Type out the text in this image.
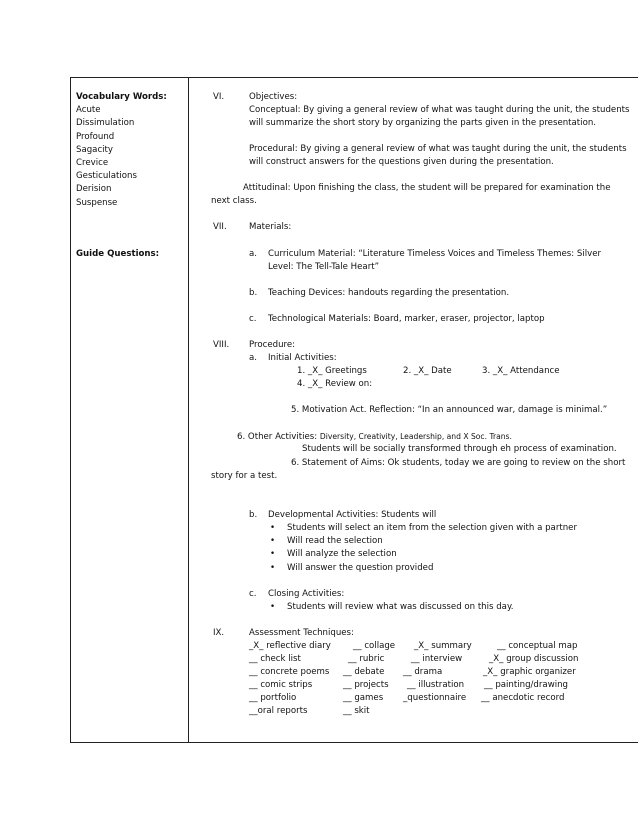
Vocabulary Words:
Acute
Dissimulation
Profound
Sagacity
Crevice
Gesticulations
Derision
Suspense
Guide Questions:
VI.	Objectives:
Conceptual: By giving a general review of what was taught during the unit, the students
will summarize the short story by organizing the parts given in the presentation.
Procedural: By giving a general review of what was taught during the unit, the students
will construct answers for the questions given during the presentation.
Attitudinal: Upon finishing the class, the student will be prepared for examination the
next class.
VII.	Materials:
a. Curriculum Material: “Literature Timeless Voices and Timeless Themes: Silver
Level: The Tell-Tale Heart”
b. Teaching Devices: handouts regarding the presentation.
c. Technological Materials: Board, marker, eraser, projector, laptop
VIII. Procedure:
a. Initial Activities:
1. _X_ Greetings	2. _X_ Date	3. _X_ Attendance
4. _X_ Review on:
5. Motivation Act. Reflection: “In an announced war, damage is minimal.”
6. Other Activities: Diversity, Creativity, Leadership, and X Soc. Trans.
Students will be socially transformed through eh process of examination.
6. Statement of Aims: Ok students, today we are going to review on the short
story for a test.
b. Developmental Activities: Students will
• Students will select an item from the selection given with a partner
• Will read the selection
• Will analyze the selection
• Will answer the question provided
c. Closing Activities:
• Students will review what was discussed on this day.
IX.	Assessment Techniques:
_X_ reflective diary	__ collage _X_ summary	__ conceptual map
__ check list	__ rubric	__ interview	_X_ group discussion
__ concrete poems __ debate __ drama	_X_ graphic organizer
__ comic strips	__ projects __ illustration __ painting/drawing
__ portfolio	__ games _questionnaire __ anecdotic record
__oral reports	__ skit
